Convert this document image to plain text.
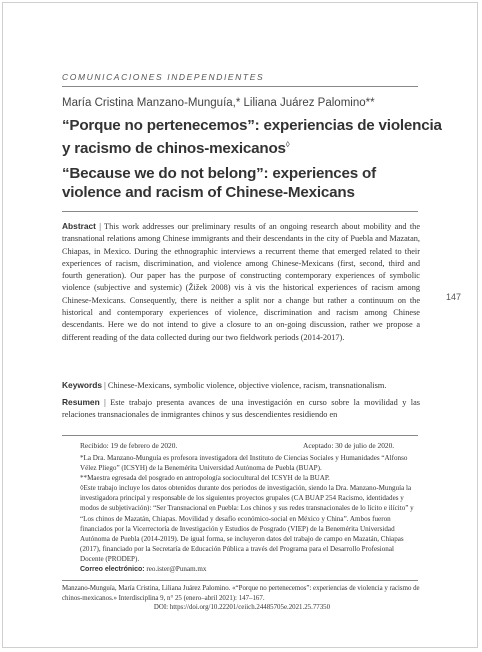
COMUNICACIONES INDEPENDIENTES
María Cristina Manzano-Munguía,* Liliana Juárez Palomino**
“Porque no pertenecemos”: experiencias de violencia
y racismo de chinos-mexicanos◊
“Because we do not belong”: experiences of
violence and racism of Chinese-Mexicans
Abstract | This work addresses our preliminary results of an ongoing research about mobility and the transnational relations among Chinese immigrants and their descendants in the city of Puebla and Mazatan, Chiapas, in Mexico. During the ethnographic interviews a recurrent theme that emerged related to their experiences of racism, discrimination, and violence among Chinese-Mexicans (first, second, third and fourth generation). Our paper has the purpose of constructing contemporary experiences of symbolic violence (subjective and systemic) (Žižek 2008) vis à vis the historical experiences of racism among Chinese-Mexicans. Consequently, there is neither a split nor a change but rather a continuum on the historical and contemporary experiences of violence, discrimination and racism among Chinese descendants. Here we do not intend to give a closure to an on-going discussion, rather we propose a different reading of the data collected during our two fieldwork periods (2014-2017).
Keywords | Chinese-Mexicans, symbolic violence, objective violence, racism, transnationalism.
Resumen | Este trabajo presenta avances de una investigación en curso sobre la movilidad y las relaciones transnacionales de inmigrantes chinos y sus descendientes residiendo en
147
Recibido: 19 de febrero de 2020.	Aceptado: 30 de julio de 2020.

*La Dra. Manzano-Munguía es profesora investigadora del Instituto de Ciencias Sociales y Humanidades “Alfonso Vélez Pliego” (ICSYH) de la Benemérita Universidad Autónoma de Puebla (BUAP).

**Maestra egresada del posgrado en antropología sociocultural del ICSYH de la BUAP.

◊Este trabajo incluye los datos obtenidos durante dos periodos de investigación, siendo la Dra. Manzano-Munguía la investigadora principal y responsable de los siguientes proyectos grupales (CA BUAP 254 Racismo, identidades y modos de subjetivación): “Ser Transnacional en Puebla: Los chinos y sus redes transnacionales de lo lícito e ilícito” y “Los chinos de Mazatán, Chiapas. Movilidad y desafío económico-social en México y China”. Ambos fueron financiados por la Vicerrectoría de Investigación y Estudios de Posgrado (VIEP) de la Benemérita Universidad Autónoma de Puebla (2014-2019). De igual forma, se incluyeron datos del trabajo de campo en Mazatán, Chiapas (2017), financiado por la Secretaría de Educación Pública a través del Programa para el Desarrollo Profesional Docente (PRODEP).

Correo electrónico: reo.ister@Punam.mx

Manzano-Munguía, María Cristina, Liliana Juárez Palomino. «“Porque no pertenecemos”: experiencias de violencia y racismo de chinos-mexicanos.» Interdisciplina 9, n° 25 (enero–abril 2021): 147–167.

DOI: https://doi.org/10.22201/ceiich.24485705e.2021.25.77350
